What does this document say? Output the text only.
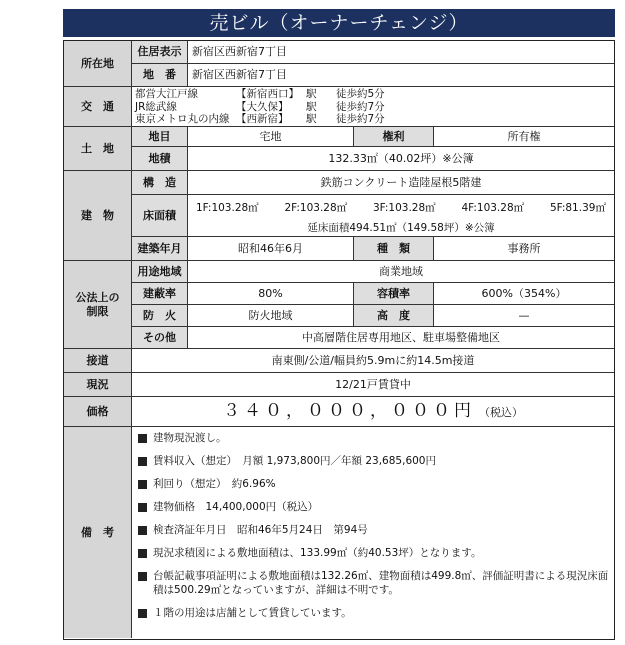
売ビル（オーナーチェンジ）
所在地
住居表示 新宿区西新宿7丁目
地　番	新宿区西新宿7丁目
交　通
都営大江戸線	【新宿西口】 駅	徒歩約5分
JR総武線	【大久保】	駅	徒歩約7分
東京メトロ丸の内線 【西新宿】	駅	徒歩約7分
土　地
地目	宅地	権利	所有権
地積	132.33㎡（40.02坪）※公簿
建　物
構　造	鉄筋コンクリート造陸屋根5階建
床面積
1F:103.28㎡ 2F:103.28㎡ 3F:103.28㎡ 4F:103.28㎡ 5F:81.39㎡
延床面積494.51㎡（149.58坪）※公簿
建築年月	昭和46年6月	種　類	事務所
公法上の
制限
用途地域	商業地域
建蔽率	80%	容積率	600%（354%）
防　火	防火地域	高　度	—
その他	中高層階住居専用地区、駐車場整備地区
接道	南東側/公道/幅員約5.9mに約14.5m接道
現況	12/21戸賃貸中
価格	３４０，０００，０００円 （税込）
備　考
建物現況渡し。
賃料収入（想定）　月額 1,973,800円／年額 23,685,600円
利回り（想定）　約6.96%
建物価格　14,400,000円（税込）
検査済証年月日　昭和46年5月24日　第94号
現況求積図による敷地面積は、133.99㎡（約40.53坪）となります。
台帳記載事項証明による敷地面積は132.26㎡、建物面積は499.8㎡、評価証明書による現況床面積は500.29㎡となっていますが、詳細は不明です。
１階の用途は店舗として賃貸しています。
